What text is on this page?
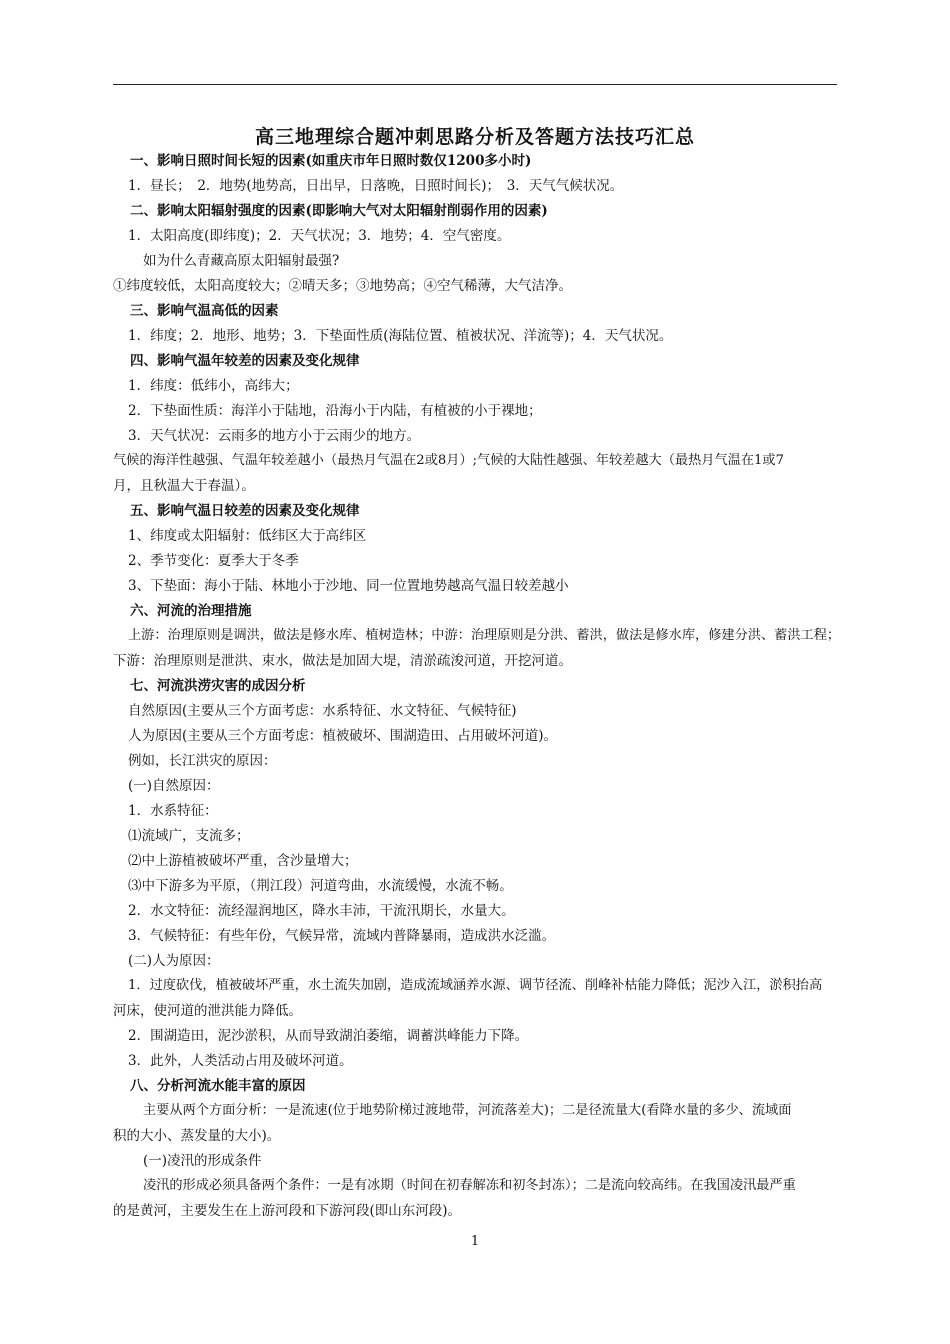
高三地理综合题冲刺思路分析及答题方法技巧汇总
一、影响日照时间长短的因素(如重庆市年日照时数仅1200多小时)
1．昼长；　2．地势(地势高，日出早，日落晚，日照时间长)；　3．天气气候状况。
二、影响太阳辐射强度的因素(即影响大气对太阳辐射削弱作用的因素)
1．太阳高度(即纬度)；2．天气状况；3．地势；4．空气密度。
如为什么青藏高原太阳辐射最强?
①纬度较低，太阳高度较大；②晴天多；③地势高；④空气稀薄，大气洁净。
三、影响气温高低的因素
1．纬度；2．地形、地势；3．下垫面性质(海陆位置、植被状况、洋流等)；4．天气状况。
四、影响气温年较差的因素及变化规律
1．纬度：低纬小，高纬大；
2．下垫面性质：海洋小于陆地，沿海小于内陆，有植被的小于裸地；
3．天气状况：云雨多的地方小于云雨少的地方。
气候的海洋性越强、气温年较差越小（最热月气温在2或8月）;气候的大陆性越强、年较差越大（最热月气温在1或7
月，且秋温大于春温）。
五、影响气温日较差的因素及变化规律
1、纬度或太阳辐射：低纬区大于高纬区
2、季节变化：夏季大于冬季
3、下垫面：海小于陆、林地小于沙地、同一位置地势越高气温日较差越小
六、河流的治理措施
上游：治理原则是调洪，做法是修水库、植树造林；中游：治理原则是分洪、蓄洪，做法是修水库，修建分洪、蓄洪工程；
下游：治理原则是泄洪、束水，做法是加固大堤，清淤疏浚河道，开挖河道。
七、河流洪涝灾害的成因分析
自然原因(主要从三个方面考虑：水系特征、水文特征、气候特征)
人为原因(主要从三个方面考虑：植被破坏、围湖造田、占用破坏河道)。
例如，长江洪灾的原因：
(一)自然原因：
1．水系特征：
⑴流域广，支流多；
⑵中上游植被破坏严重，含沙量增大；
⑶中下游多为平原，（荆江段）河道弯曲，水流缓慢，水流不畅。
2．水文特征：流经湿润地区，降水丰沛，干流汛期长，水量大。
3．气候特征：有些年份，气候异常，流域内普降暴雨，造成洪水泛滥。
(二)人为原因：
1．过度砍伐，植被破坏严重，水土流失加剧，造成流域涵养水源、调节径流、削峰补枯能力降低；泥沙入江，淤积抬高
河床，使河道的泄洪能力降低。
2．围湖造田，泥沙淤积，从而导致湖泊萎缩，调蓄洪峰能力下降。
3．此外，人类活动占用及破坏河道。
八、分析河流水能丰富的原因
主要从两个方面分析：一是流速(位于地势阶梯过渡地带，河流落差大)；二是径流量大(看降水量的多少、流域面
积的大小、蒸发量的大小)。
(一)凌汛的形成条件
凌汛的形成必须具备两个条件：一是有冰期（时间在初春解冻和初冬封冻）；二是流向较高纬。在我国凌汛最严重
的是黄河，主要发生在上游河段和下游河段(即山东河段)。
1
